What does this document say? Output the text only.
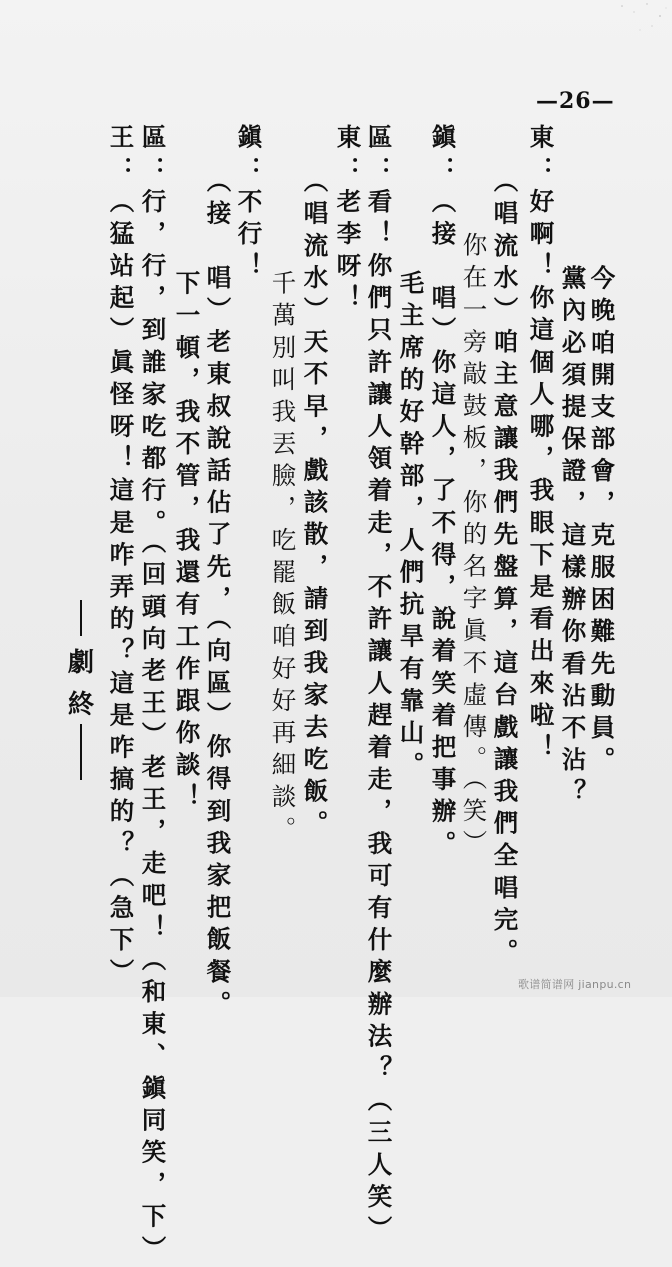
—26—
今晚咱開支部會，克服困難先動員。
黨內必須提保證，這樣辦你看沾不沾？
東：好啊！你這個人哪，我眼下是看出來啦！
（唱流水）咱主意讓我們先盤算，這台戲讓我們全唱完。
你在一旁敲鼓板，你的名字眞不虛傳。（笑）
鎭：（接　唱）你這人，了不得，說着笑着把事辦。
毛主席的好幹部，人們抗旱有靠山。
區：看！你們只許讓人領着走，不許讓人趕着走，我可有什麼辦法？（三人笑）
東：老李呀！
（唱流水）天不早，戲該散，請到我家去吃飯。
千萬別叫我丟臉，吃罷飯咱好好再細談。
鎭：不行！
（接　唱）老東叔說話佔了先，（向區）你得到我家把飯餐。
下一頓，我不管，我還有工作跟你談！
區：行，行，到誰家吃都行。（回頭向老王）老王，走吧！（和東、鎭同笑，下）
王：（猛站起）眞怪呀！這是咋弄的？這是咋搞的？（急下）
劇
終
歌谱简谱网 jianpu.cn
